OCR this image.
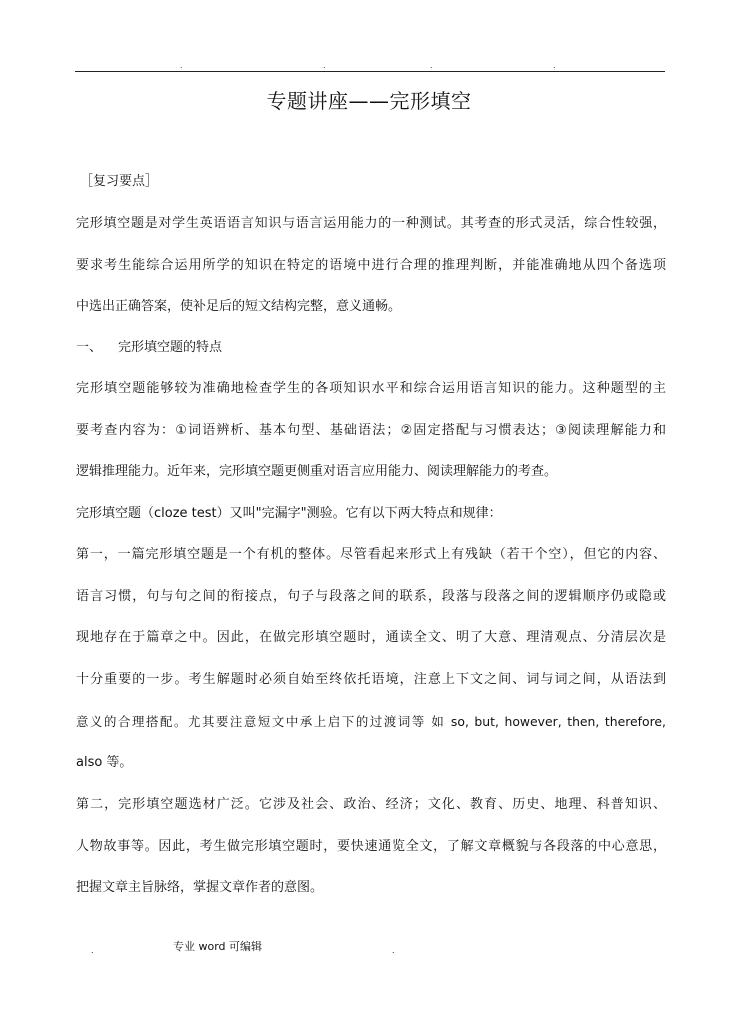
.	.	.	.
专题讲座——完形填空
［复习要点］
完形填空题是对学生英语语言知识与语言运用能力的一种测试。其考查的形式灵活，综合性较强，
要求考生能综合运用所学的知识在特定的语境中进行合理的推理判断，并能准确地从四个备选项
中选出正确答案，使补足后的短文结构完整，意义通畅。
一、 完形填空题的特点
完形填空题能够较为准确地检查学生的各项知识水平和综合运用语言知识的能力。这种题型的主
要考查内容为：①词语辨析、基本句型、基础语法；②固定搭配与习惯表达；③阅读理解能力和
逻辑推理能力。近年来，完形填空题更侧重对语言应用能力、阅读理解能力的考查。
完形填空题（cloze test）又叫"完漏字"测验。它有以下两大特点和规律：
第一，一篇完形填空题是一个有机的整体。尽管看起来形式上有残缺（若干个空），但它的内容、
语言习惯，句与句之间的衔接点，句子与段落之间的联系，段落与段落之间的逻辑顺序仍或隐或
现地存在于篇章之中。因此，在做完形填空题时，通读全文、明了大意、理清观点、分清层次是
十分重要的一步。考生解题时必须自始至终依托语境，注意上下文之间、词与词之间，从语法到
意义的合理搭配。尤其要注意短文中承上启下的过渡词等 如 so, but, however, then, therefore,
also 等。
第二，完形填空题选材广泛。它涉及社会、政治、经济；文化、教育、历史、地理、科普知识、
人物故事等。因此，考生做完形填空题时，要快速通览全文，了解文章概貌与各段落的中心意思，
把握文章主旨脉络，掌握文章作者的意图。
.	专业 word 可编辑	.
